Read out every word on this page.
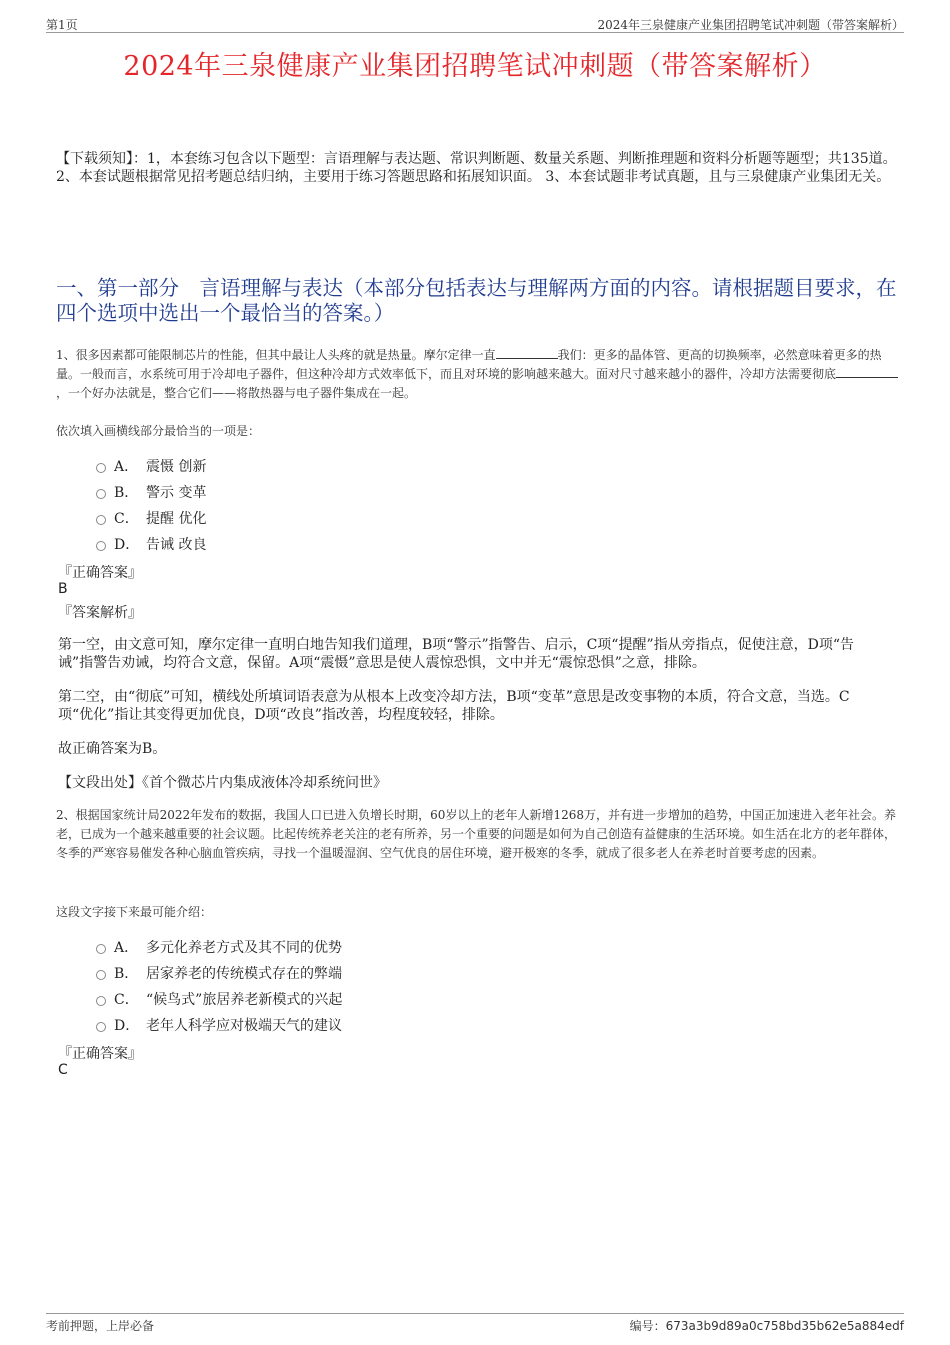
第1页	2024年三泉健康产业集团招聘笔试冲刺题（带答案解析）
2024年三泉健康产业集团招聘笔试冲刺题（带答案解析）
【下载须知】：1，本套练习包含以下题型：言语理解与表达题、常识判断题、数量关系题、判断推理题和资料分析题等题型；共135道。 2、本套试题根据常见招考题总结归纳，主要用于练习答题思路和拓展知识面。 3、本套试题非考试真题，且与三泉健康产业集团无关。
一、第一部分　言语理解与表达（本部分包括表达与理解两方面的内容。请根据题目要求，在四个选项中选出一个最恰当的答案。）
1、很多因素都可能限制芯片的性能，但其中最让人头疼的就是热量。摩尔定律一直	我们：更多的晶体管、更高的切换频率，必然意味着更多的热量。一般而言，水系统可用于冷却电子器件，但这种冷却方式效率低下，而且对环境的影响越来越大。面对尺寸越来越小的器件，冷却方法需要彻底，一个好办法就是，整合它们——将散热器与电子器件集成在一起。
依次填入画横线部分最恰当的一项是：
A． 震慑 创新
B． 警示 变革
C． 提醒 优化
D． 告诫 改良
『正确答案』
B
『答案解析』
第一空，由文意可知，摩尔定律一直明白地告知我们道理，B项“警示”指警告、启示，C项“提醒”指从旁指点，促使注意，D项“告诫”指警告劝诫，均符合文意，保留。A项“震慑”意思是使人震惊恐惧，文中并无“震惊恐惧”之意，排除。
第二空，由“彻底”可知，横线处所填词语表意为从根本上改变冷却方法，B项“变革”意思是改变事物的本质，符合文意，当选。C项“优化”指让其变得更加优良，D项“改良”指改善，均程度较轻，排除。
故正确答案为B。
【文段出处】《首个微芯片内集成液体冷却系统问世》
2、根据国家统计局2022年发布的数据，我国人口已进入负增长时期，60岁以上的老年人新增1268万，并有进一步增加的趋势，中国正加速进入老年社会。养老，已成为一个越来越重要的社会议题。比起传统养老关注的老有所养，另一个重要的问题是如何为自己创造有益健康的生活环境。如生活在北方的老年群体，冬季的严寒容易催发各种心脑血管疾病，寻找一个温暖湿润、空气优良的居住环境，避开极寒的冬季，就成了很多老人在养老时首要考虑的因素。
这段文字接下来最可能介绍：
A． 多元化养老方式及其不同的优势
B． 居家养老的传统模式存在的弊端
C． “候鸟式”旅居养老新模式的兴起
D． 老年人科学应对极端天气的建议
『正确答案』
C
考前押题，上岸必备	编号：673a3b9d89a0c758bd35b62e5a884edf
